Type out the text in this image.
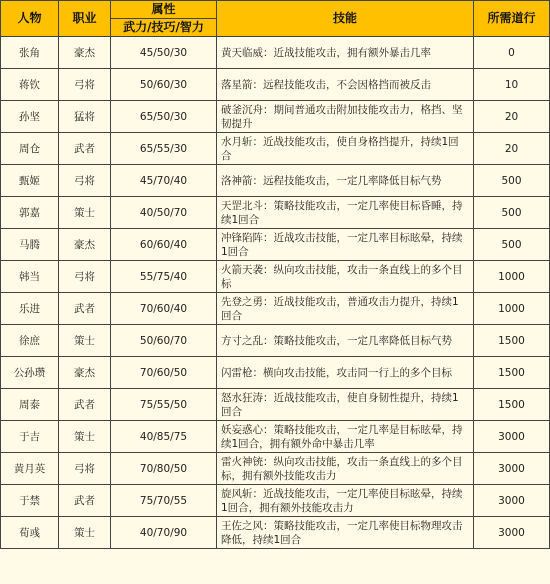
人物	职业	属性	技能	所需道行
		武力/技巧/智力		
张角	豪杰	45/50/30	黄天临威：近战技能攻击，拥有额外暴击几率	0
蒋钦	弓将	50/60/30	落星箭：远程技能攻击，不会因格挡而被反击	10
孙坚	猛将	65/50/30	破釜沉舟：期间普通攻击附加技能攻击力，格挡、坚韧提升	20
周仓	武者	65/55/30	水月斩：近战技能攻击，使自身格挡提升，持续1回合	20
甄姬	弓将	45/70/40	洛神箭：远程技能攻击，一定几率降低目标气势	500
郭嘉	策士	40/50/70	天罡北斗：策略技能攻击，一定几率使目标昏睡，持续1回合	500
马腾	豪杰	60/60/40	冲锋陷阵：近战攻击技能，一定几率目标眩晕，持续1回合	500
韩当	弓将	55/75/40	火箭天袭：纵向攻击技能，攻击一条直线上的多个目标	1000
乐进	武者	70/60/40	先登之勇：近战技能攻击，普通攻击力提升，持续1回合	1000
徐庶	策士	50/60/70	方寸之乱：策略技能攻击，一定几率降低目标气势	1500
公孙瓒	豪杰	70/60/50	闪雷枪：横向攻击技能，攻击同一行上的多个目标	1500
周泰	武者	75/55/50	怒水狂涛：近战技能攻击，使自身韧性提升，持续1回合	1500
于吉	策士	40/85/75	妖妄惑心：策略技能攻击，一定几率是目标眩晕，持续1回合，拥有额外命中暴击几率	3000
黄月英	弓将	70/80/50	雷火神铳：纵向攻击技能，攻击一条直线上的多个目标，拥有额外技能攻击力	3000
于禁	武者	75/70/55	旋风斩：近战技能攻击，一定几率使目标眩晕，持续1回合，拥有额外技能攻击力	3000
荀彧	策士	40/70/90	王佐之风：策略技能攻击，一定几率使目标物理攻击降低，持续1回合	3000
